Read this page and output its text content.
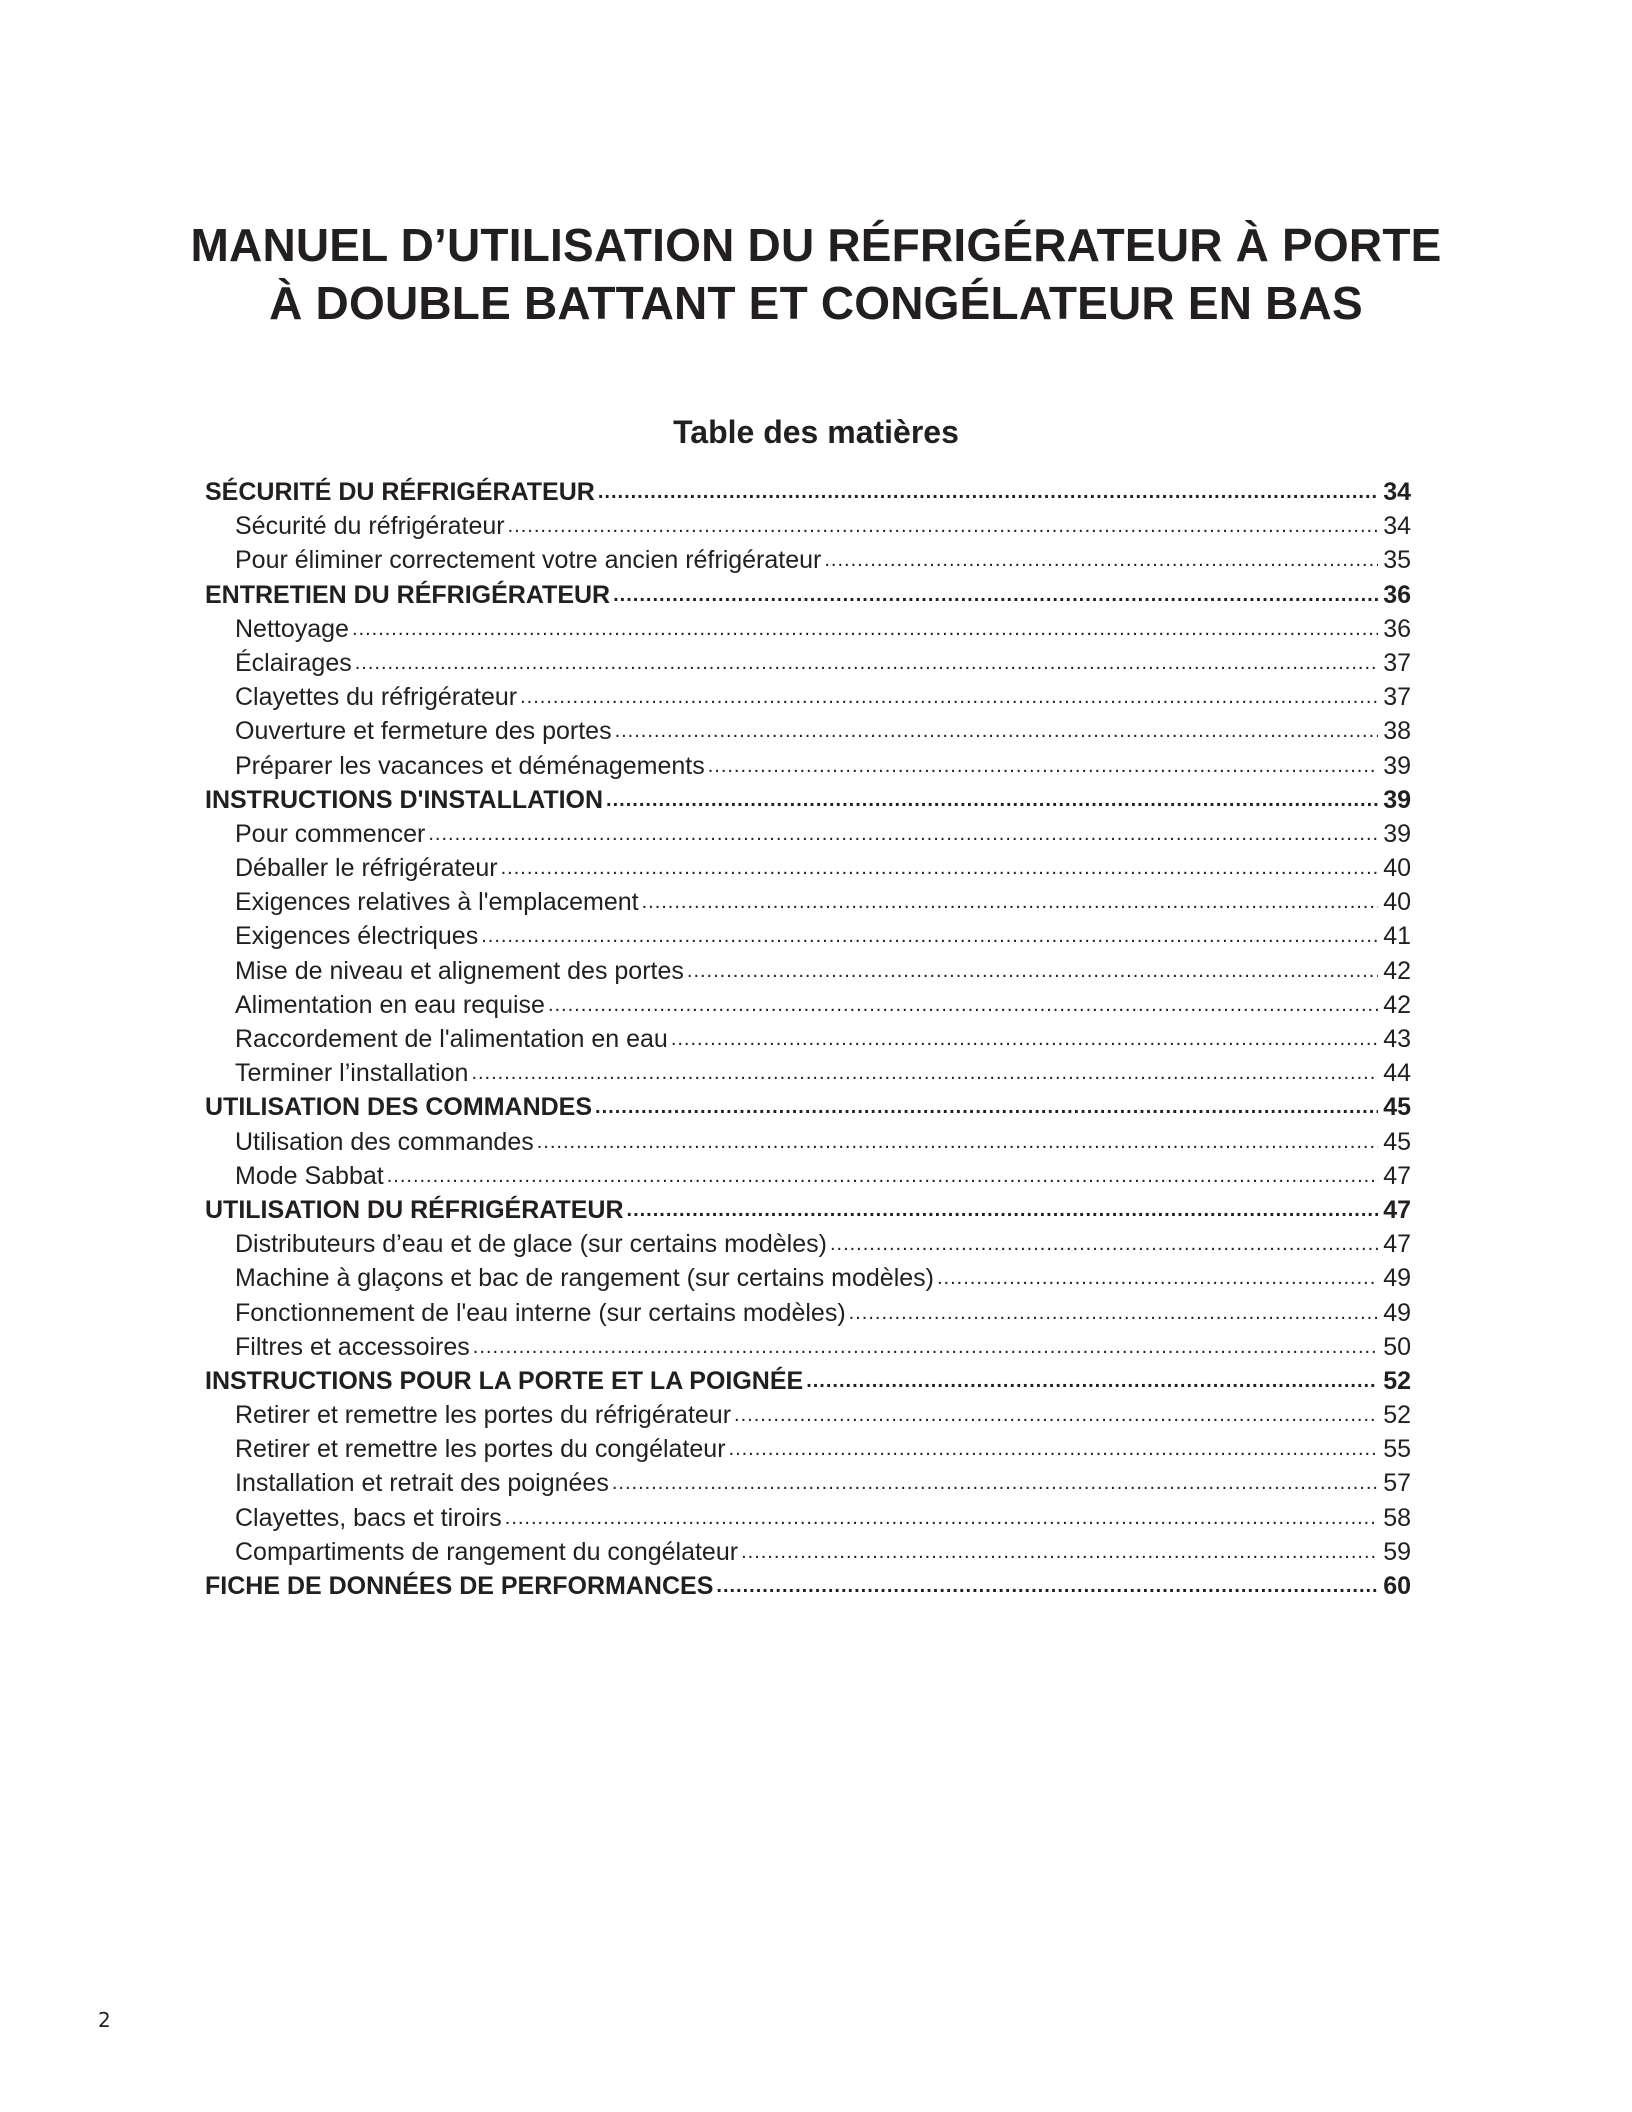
MANUEL D’UTILISATION DU RÉFRIGÉRATEUR À PORTE À DOUBLE BATTANT ET CONGÉLATEUR EN BAS
Table des matières
SÉCURITÉ DU RÉFRIGÉRATEUR .....	34
Sécurité du réfrigérateur .....	34
Pour éliminer correctement votre ancien réfrigérateur .....	35
ENTRETIEN DU RÉFRIGÉRATEUR .....	36
Nettoyage .....	36
Éclairages .....	37
Clayettes du réfrigérateur .....	37
Ouverture et fermeture des portes .....	38
Préparer les vacances et déménagements .....	39
INSTRUCTIONS D'INSTALLATION .....	39
Pour commencer .....	39
Déballer le réfrigérateur .....	40
Exigences relatives à l'emplacement .....	40
Exigences électriques .....	41
Mise de niveau et alignement des portes .....	42
Alimentation en eau requise .....	42
Raccordement de l'alimentation en eau .....	43
Terminer l’installation .....	44
UTILISATION DES COMMANDES .....	45
Utilisation des commandes .....	45
Mode Sabbat .....	47
UTILISATION DU RÉFRIGÉRATEUR .....	47
Distributeurs d’eau et de glace (sur certains modèles) .....	47
Machine à glaçons et bac de rangement (sur certains modèles) .....	49
Fonctionnement de l'eau interne (sur certains modèles) .....	49
Filtres et accessoires .....	50
INSTRUCTIONS POUR LA PORTE ET LA POIGNÉE .....	52
Retirer et remettre les portes du réfrigérateur .....	52
Retirer et remettre les portes du congélateur .....	55
Installation et retrait des poignées .....	57
Clayettes, bacs et tiroirs .....	58
Compartiments de rangement du congélateur .....	59
FICHE DE DONNÉES DE PERFORMANCES .....	60
2
